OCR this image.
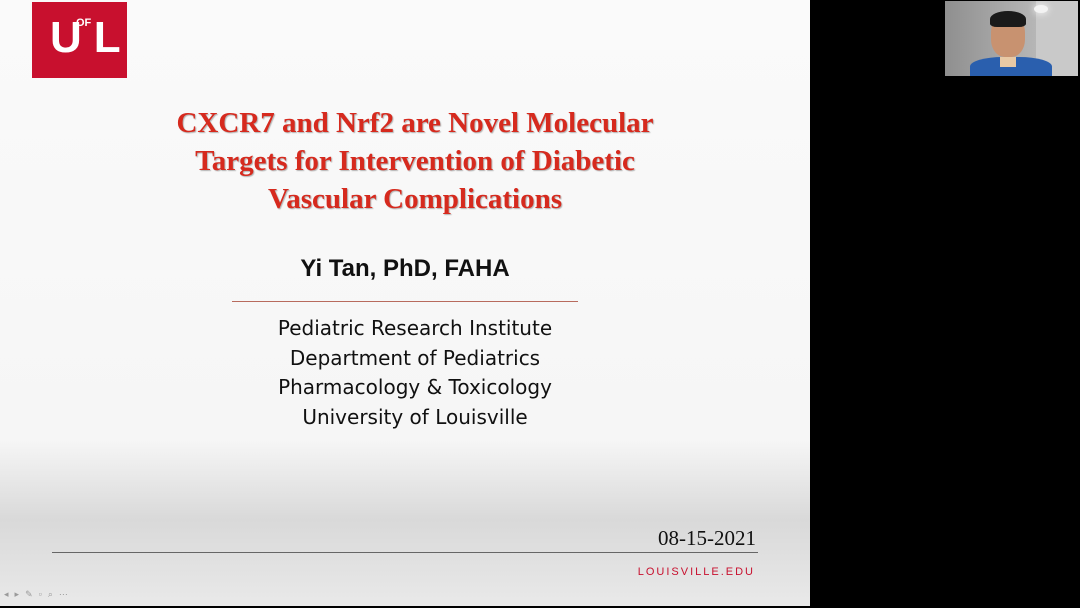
U
OF L
CXCR7 and Nrf2 are Novel Molecular
Targets for Intervention of Diabetic
Vascular Complications
Yi Tan, PhD, FAHA
Pediatric Research Institute
Department of Pediatrics
Pharmacology & Toxicology
University of Louisville
08-15-2021
LOUISVILLE.EDU
◂▸✎▫⌕⋯
